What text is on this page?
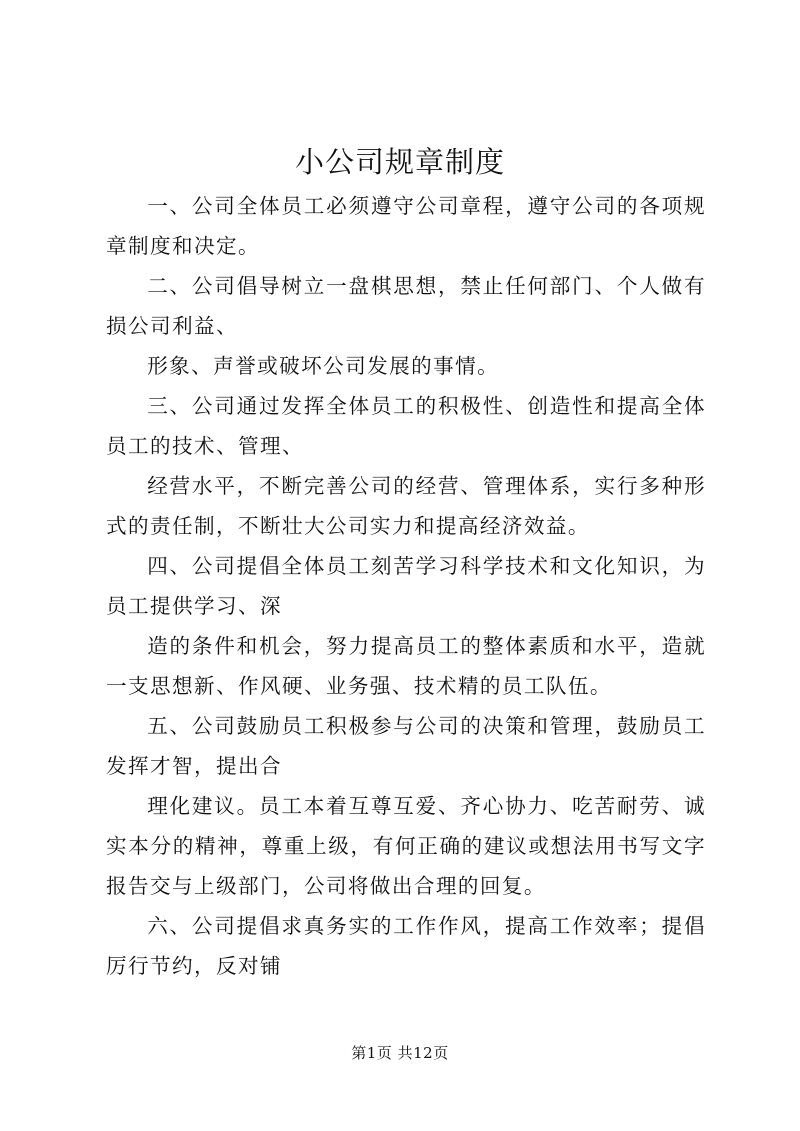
小公司规章制度

一、公司全体员工必须遵守公司章程，遵守公司的各项规章制度和决定。

二、公司倡导树立一盘棋思想，禁止任何部门、个人做有损公司利益、

形象、声誉或破坏公司发展的事情。

三、公司通过发挥全体员工的积极性、创造性和提高全体员工的技术、管理、

经营水平，不断完善公司的经营、管理体系，实行多种形式的责任制，不断壮大公司实力和提高经济效益。

四、公司提倡全体员工刻苦学习科学技术和文化知识，为员工提供学习、深

造的条件和机会，努力提高员工的整体素质和水平，造就一支思想新、作风硬、业务强、技术精的员工队伍。

五、公司鼓励员工积极参与公司的决策和管理，鼓励员工发挥才智，提出合

理化建议。员工本着互尊互爱、齐心协力、吃苦耐劳、诚实本分的精神，尊重上级，有何正确的建议或想法用书写文字报告交与上级部门，公司将做出合理的回复。

六、公司提倡求真务实的工作作风，提高工作效率；提倡厉行节约，反对铺

第1页 共12页
